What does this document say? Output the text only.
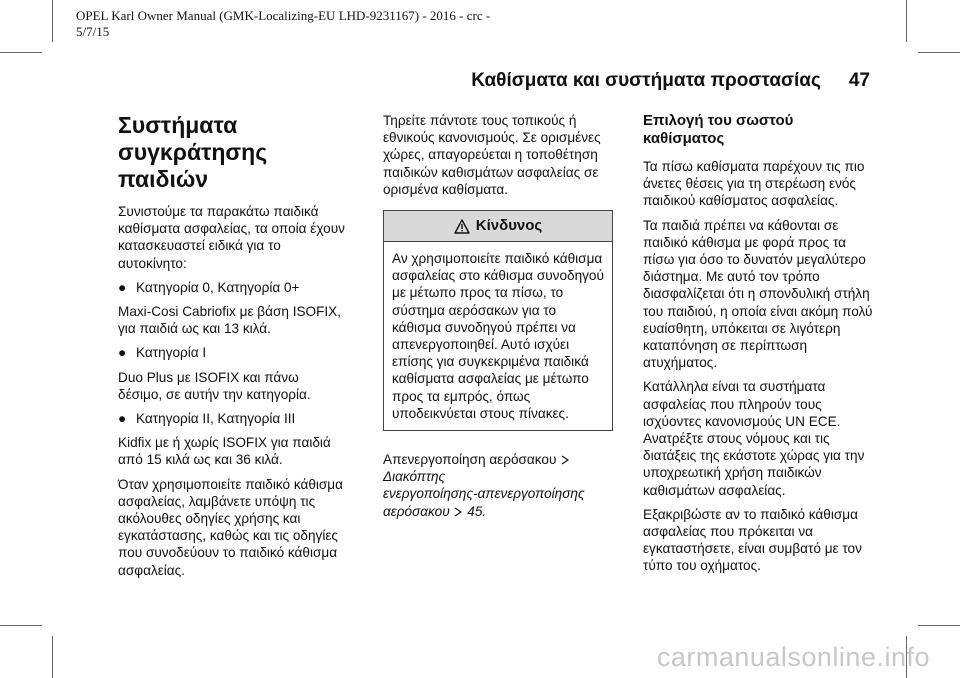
OPEL Karl Owner Manual (GMK-Localizing-EU LHD-9231167) - 2016 - crc -
5/7/15
Καθίσματα και συστήματα προστασίας 47
Συστήματα
συγκράτησης
παιδιών

Συνιστούμε τα παρακάτω παιδικά καθίσματα ασφαλείας, τα οποία έχουν κατασκευαστεί ειδικά για το αυτοκίνητο:

● Κατηγορία 0, Κατηγορία 0+

Maxi-Cosi Cabriofix με βάση ISOFIX, για παιδιά ως και 13 κιλά.

● Κατηγορία I

Duo Plus με ISOFIX και πάνω δέσιμο, σε αυτήν την κατηγορία.

● Κατηγορία II, Κατηγορία III

Kidfix με ή χωρίς ISOFIX για παιδιά από 15 κιλά ως και 36 κιλά.

Όταν χρησιμοποιείτε παιδικό κάθισμα ασφαλείας, λαμβάνετε υπόψη τις ακόλουθες οδηγίες χρήσης και εγκατάστασης, καθώς και τις οδηγίες που συνοδεύουν το παιδικό κάθισμα ασφαλείας.

Τηρείτε πάντοτε τους τοπικούς ή εθνικούς κανονισμούς. Σε ορισμένες χώρες, απαγορεύεται η τοποθέτηση παιδικών καθισμάτων ασφαλείας σε ορισμένα καθίσματα.

Κίνδυνος
Αν χρησιμοποιείτε παιδικό κάθισμα ασφαλείας στο κάθισμα συνοδηγού με μέτωπο προς τα πίσω, το σύστημα αερόσακων για το κάθισμα συνοδηγού πρέπει να απενεργοποιηθεί. Αυτό ισχύει επίσης για συγκεκριμένα παιδικά καθίσματα ασφαλείας με μέτωπο προς τα εμπρός, όπως υποδεικνύεται στους πίνακες.

Απενεργοποίηση αερόσακου
Διακόπτης
ενεργοποίησης-απενεργοποίησης
αερόσακου 45.

Επιλογή του σωστού καθίσματος

Τα πίσω καθίσματα παρέχουν τις πιο άνετες θέσεις για τη στερέωση ενός παιδικού καθίσματος ασφαλείας.

Τα παιδιά πρέπει να κάθονται σε παιδικό κάθισμα με φορά προς τα πίσω για όσο το δυνατόν μεγαλύτερο διάστημα. Με αυτό τον τρόπο διασφαλίζεται ότι η σπονδυλική στήλη του παιδιού, η οποία είναι ακόμη πολύ ευαίσθητη, υπόκειται σε λιγότερη καταπόνηση σε περίπτωση ατυχήματος.

Κατάλληλα είναι τα συστήματα ασφαλείας που πληρούν τους ισχύοντες κανονισμούς UN ECE. Ανατρέξτε στους νόμους και τις διατάξεις της εκάστοτε χώρας για την υποχρεωτική χρήση παιδικών καθισμάτων ασφαλείας.

Εξακριβώστε αν το παιδικό κάθισμα ασφαλείας που πρόκειται να εγκαταστήσετε, είναι συμβατό με τον τύπο του οχήματος.

carmanualsonline.info
